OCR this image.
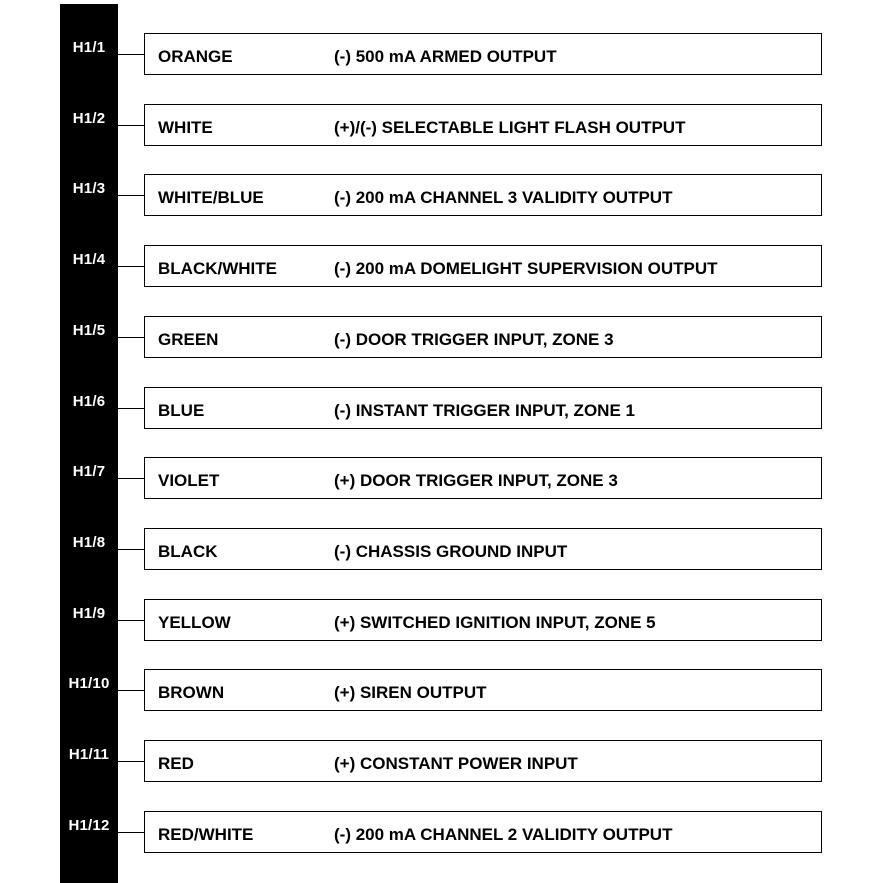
H1/1	ORANGE	(-) 500 mA ARMED OUTPUT
H1/2	WHITE	(+)/(-) SELECTABLE LIGHT FLASH OUTPUT
H1/3	WHITE/BLUE	(-) 200 mA CHANNEL 3 VALIDITY OUTPUT
H1/4	BLACK/WHITE	(-) 200 mA DOMELIGHT SUPERVISION OUTPUT
H1/5	GREEN	(-) DOOR TRIGGER INPUT, ZONE 3
H1/6	BLUE	(-) INSTANT TRIGGER INPUT, ZONE 1
H1/7	VIOLET	(+) DOOR TRIGGER INPUT, ZONE 3
H1/8	BLACK	(-) CHASSIS GROUND INPUT
H1/9	YELLOW	(+) SWITCHED IGNITION INPUT, ZONE 5
H1/10	BROWN	(+) SIREN OUTPUT
H1/11	RED	(+) CONSTANT POWER INPUT
H1/12	RED/WHITE	(-) 200 mA CHANNEL 2 VALIDITY OUTPUT
